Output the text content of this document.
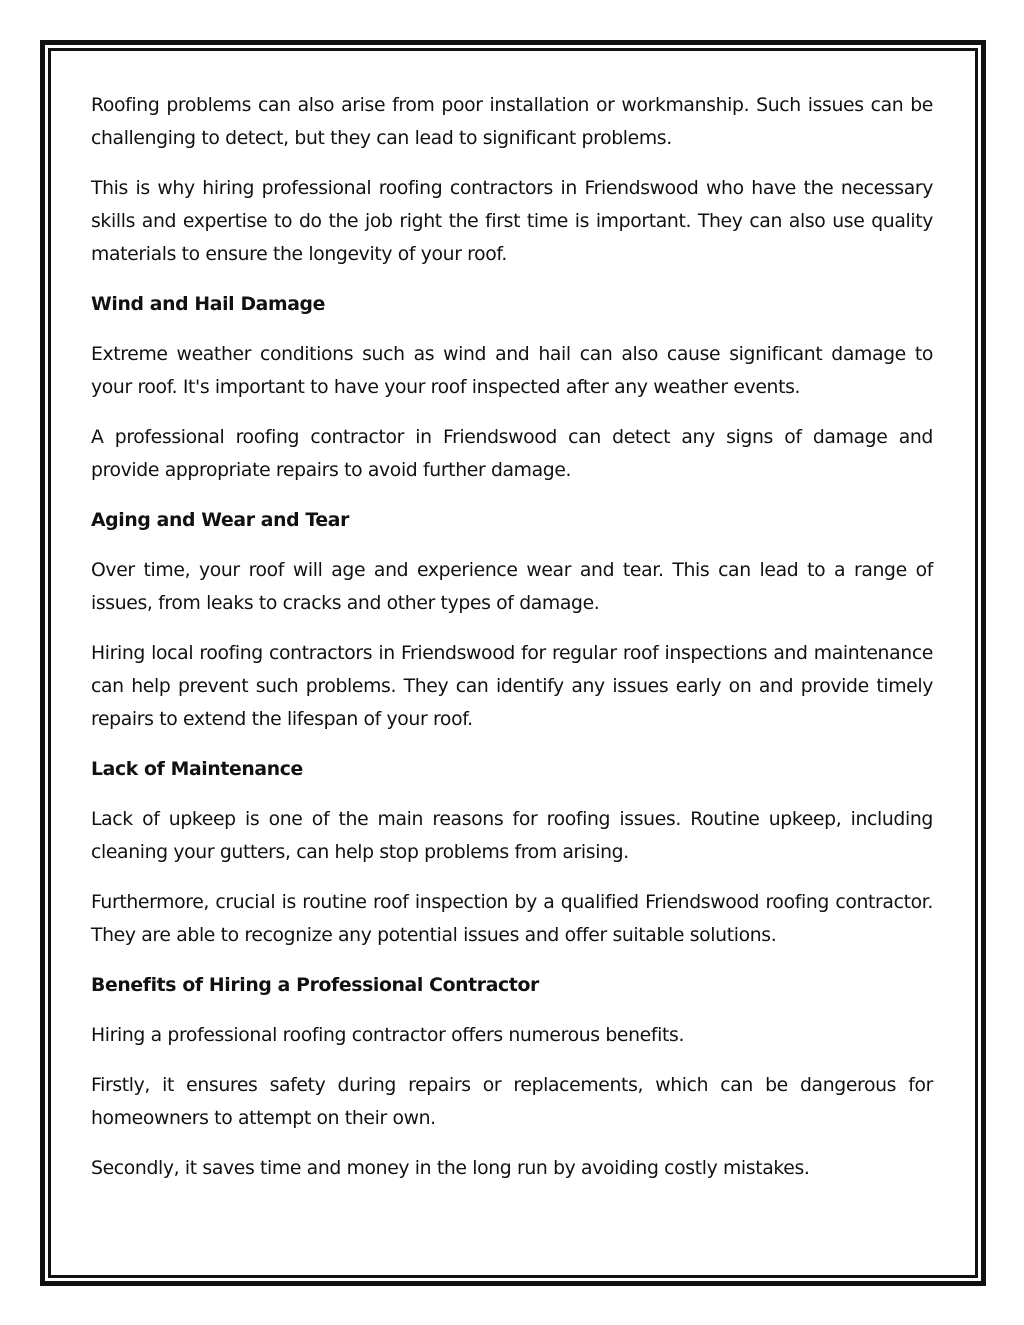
Roofing problems can also arise from poor installation or workmanship. Such issues can be challenging to detect, but they can lead to significant problems.

This is why hiring professional roofing contractors in Friendswood who have the necessary skills and expertise to do the job right the first time is important. They can also use quality materials to ensure the longevity of your roof.

Wind and Hail Damage

Extreme weather conditions such as wind and hail can also cause significant damage to your roof. It's important to have your roof inspected after any weather events.

A professional roofing contractor in Friendswood can detect any signs of damage and provide appropriate repairs to avoid further damage.

Aging and Wear and Tear

Over time, your roof will age and experience wear and tear. This can lead to a range of issues, from leaks to cracks and other types of damage.

Hiring local roofing contractors in Friendswood for regular roof inspections and maintenance can help prevent such problems. They can identify any issues early on and provide timely repairs to extend the lifespan of your roof.

Lack of Maintenance

Lack of upkeep is one of the main reasons for roofing issues. Routine upkeep, including cleaning your gutters, can help stop problems from arising.

Furthermore, crucial is routine roof inspection by a qualified Friendswood roofing contractor. They are able to recognize any potential issues and offer suitable solutions.

Benefits of Hiring a Professional Contractor

Hiring a professional roofing contractor offers numerous benefits.

Firstly, it ensures safety during repairs or replacements, which can be dangerous for homeowners to attempt on their own.

Secondly, it saves time and money in the long run by avoiding costly mistakes.
